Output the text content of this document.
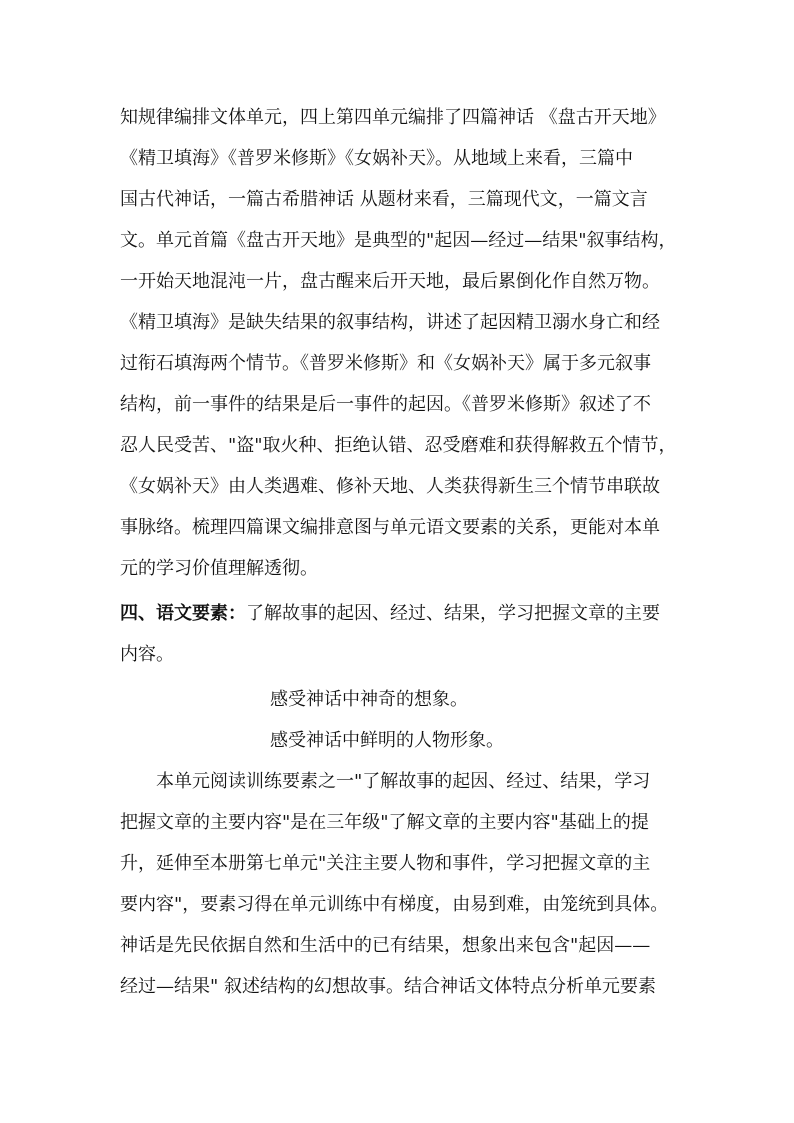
知规律编排文体单元，四上第四单元编排了四篇神话 《盘古开天地》
《精卫填海》《普罗米修斯》《女娲补天》。从地域上来看，三篇中
国古代神话，一篇古希腊神话 从题材来看，三篇现代文，一篇文言
文。单元首篇《盘古开天地》是典型的"起因—经过—结果"叙事结构，
一开始天地混沌一片，盘古醒来后开天地，最后累倒化作自然万物。
《精卫填海》是缺失结果的叙事结构，讲述了起因精卫溺水身亡和经
过衔石填海两个情节。《普罗米修斯》和《女娲补天》属于多元叙事
结构，前一事件的结果是后一事件的起因。《普罗米修斯》叙述了不
忍人民受苦、"盗"取火种、拒绝认错、忍受磨难和获得解救五个情节，
《女娲补天》由人类遇难、修补天地、人类获得新生三个情节串联故
事脉络。梳理四篇课文编排意图与单元语文要素的关系，更能对本单
元的学习价值理解透彻。
四、语文要素：了解故事的起因、经过、结果，学习把握文章的主要
内容。
感受神话中神奇的想象。
感受神话中鲜明的人物形象。
本单元阅读训练要素之一"了解故事的起因、经过、结果，学习
把握文章的主要内容"是在三年级"了解文章的主要内容"基础上的提
升，延伸至本册第七单元"关注主要人物和事件，学习把握文章的主
要内容"，要素习得在单元训练中有梯度，由易到难，由笼统到具体。
神话是先民依据自然和生活中的已有结果，想象出来包含"起因——
经过—结果" 叙述结构的幻想故事。结合神话文体特点分析单元要素
